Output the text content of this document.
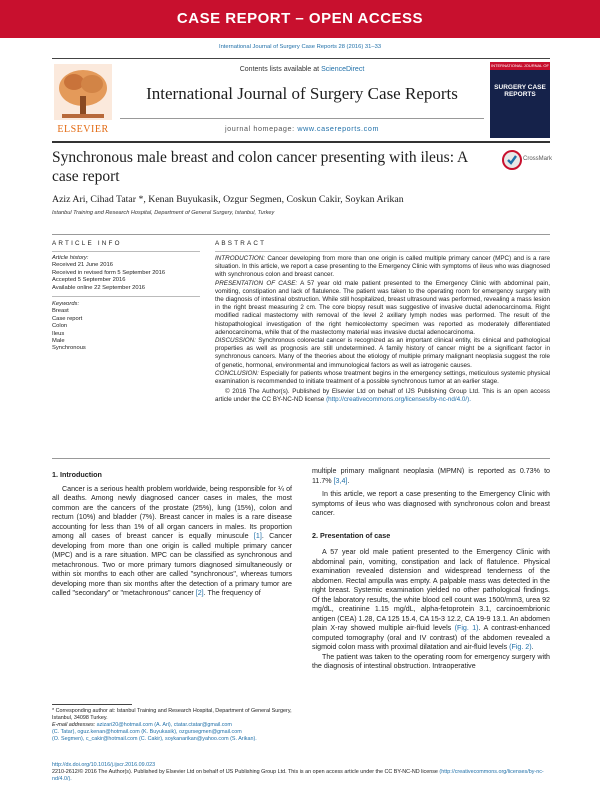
CASE REPORT – OPEN ACCESS
International Journal of Surgery Case Reports 28 (2016) 31–33
ELSEVIER
Contents lists available at ScienceDirect
International Journal of Surgery Case Reports
journal homepage: www.casereports.com
INTERNATIONAL JOURNAL OF
SURGERY CASE REPORTS
Synchronous male breast and colon cancer presenting with ileus: A case report
CrossMark
Aziz Ari, Cihad Tatar *, Kenan Buyukasik, Ozgur Segmen, Coskun Cakir, Soykan Arikan
Istanbul Training and Research Hospital, Department of General Surgery, Istanbul, Turkey
ARTICLE INFO
Article history:
Received 21 June 2016
Received in revised form 5 September 2016
Accepted 5 September 2016
Available online 22 September 2016
Keywords:
Breast
Case report
Colon
Ileus
Male
Synchronous
ABSTRACT

INTRODUCTION: Cancer developing from more than one origin is called multiple primary cancer (MPC) and is a rare situation. In this article, we report a case presenting to the Emergency Clinic with symptoms of ileus who was diagnosed with synchronous colon and breast cancer.

PRESENTATION OF CASE: A 57 year old male patient presented to the Emergency Clinic with abdominal pain, vomiting, constipation and lack of flatulence. The patient was taken to the operating room for emergency surgery with the diagnosis of intestinal obstruction. While still hospitalized, breast ultrasound was performed, revealing a mass lesion in the right breast measuring 2 cm. The core biopsy result was suggestive of invasive ductal adenocarcinoma. Right modified radical mastectomy with removal of the level 2 axillary lymph nodes was performed. The result of the histopathological investigation of the right hemicolectomy specimen was reported as moderately differentiated adenocarcinoma, while that of the mastectomy material was invasive ductal adenocarcinoma.

DISCUSSION: Synchronous colorectal cancer is recognized as an important clinical entity, its clinical and pathological properties as well as prognosis are still undetermined. A family history of cancer might be a significant factor in synchronous cancers. Many of the theories about the etiology of multiple primary malignant neoplasia suggest the role of genetic, hormonal, environmental and immunological factors as well as iatrogenic causes.

CONCLUSION: Especially for patients whose treatment begins in the emergency settings, meticulous systemic physical examination is recommended to initiate treatment of a possible synchronous tumor at an earlier stage.

© 2016 The Author(s). Published by Elsevier Ltd on behalf of IJS Publishing Group Ltd. This is an open access article under the CC BY-NC-ND license (http://creativecommons.org/licenses/by-nc-nd/4.0/).

1. Introduction

Cancer is a serious health problem worldwide, being responsible for ¼ of all deaths. Among newly diagnosed cancer cases in males, the most common are the cancers of the prostate (25%), lung (15%), colon and rectum (10%) and bladder (7%). Breast cancer in males is a rare disease accounting for less than 1% of all organ cancers in males. Its proportion among all cases of breast cancer is equally minuscule [1]. Cancer developing from more than one origin is called multiple primary cancer (MPC) and is a rare situation. MPC can be classified as synchronous and metachronous. Two or more primary tumors diagnosed simultaneously or within six months to each other are called "synchronous", whereas tumors developing more than six months after the detection of a primary tumor are called "secondary" or "metachronous" cancer [2]. The frequency of

multiple primary malignant neoplasia (MPMN) is reported as 0.73% to 11.7% [3,4].

In this article, we report a case presenting to the Emergency Clinic with symptoms of ileus who was diagnosed with synchronous colon and breast cancer.

2. Presentation of case

A 57 year old male patient presented to the Emergency Clinic with abdominal pain, vomiting, constipation and lack of flatulence. Physical examination revealed distension and widespread tenderness of the abdomen. Rectal ampulla was empty. A palpable mass was detected in the right breast. Systemic examination yielded no other pathological findings. Of the laboratory results, the white blood cell count was 1500/mm3, urea 92 mg/dL, creatinine 1.15 mg/dL, alpha-fetoprotein 3.1, carcinoembrionic antigen (CEA) 1.28, CA 125 15.4, CA 15-3 12.2, CA 19-9 13.1. An abdomen plain X-ray showed multiple air-fluid levels (Fig. 1). A contrast-enhanced computed tomography (oral and IV contrast) of the abdomen revealed a sigmoid colon mass with proximal dilatation and air-fluid levels (Fig. 2).

The patient was taken to the operating room for emergency surgery with the diagnosis of intestinal obstruction. Intraoperative

* Corresponding author at: Istanbul Training and Research Hospital, Department of General Surgery, Istanbul, 34098 Turkey.

E-mail addresses: azizari20@hotmail.com (A. Ari), ctatar.ctatar@gmail.com

(C. Tatar), oguz.kenan@hotmail.com (K. Buyukasik), ozgursegmen@gmail.com

(O. Segmen), c_cakir@hotmail.com (C. Cakir), soykanarikan@yahoo.com (S. Arikan).

http://dx.doi.org/10.1016/j.ijscr.2016.09.023

2210-2612/© 2016 The Author(s). Published by Elsevier Ltd on behalf of IJS Publishing Group Ltd. This is an open access article under the CC BY-NC-ND license (http://creativecommons.org/licenses/by-nc-nd/4.0/).
